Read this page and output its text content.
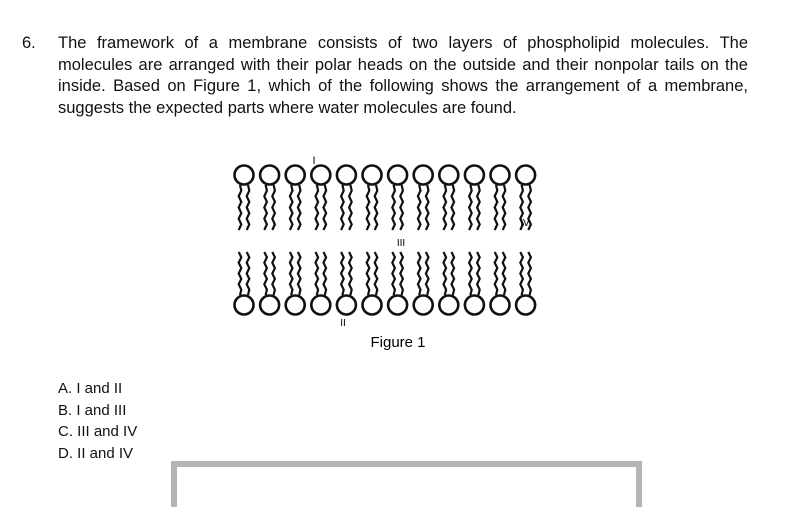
6. The framework of a membrane consists of two layers of phospholipid molecules. The molecules are arranged with their polar heads on the outside and their nonpolar tails on the inside. Based on Figure 1, which of the following shows the arrangement of a membrane, suggests the expected parts where water molecules are found.
I
IV
III
II
Figure 1
A. I and II
B. I and III
C. III and IV
D. II and IV
